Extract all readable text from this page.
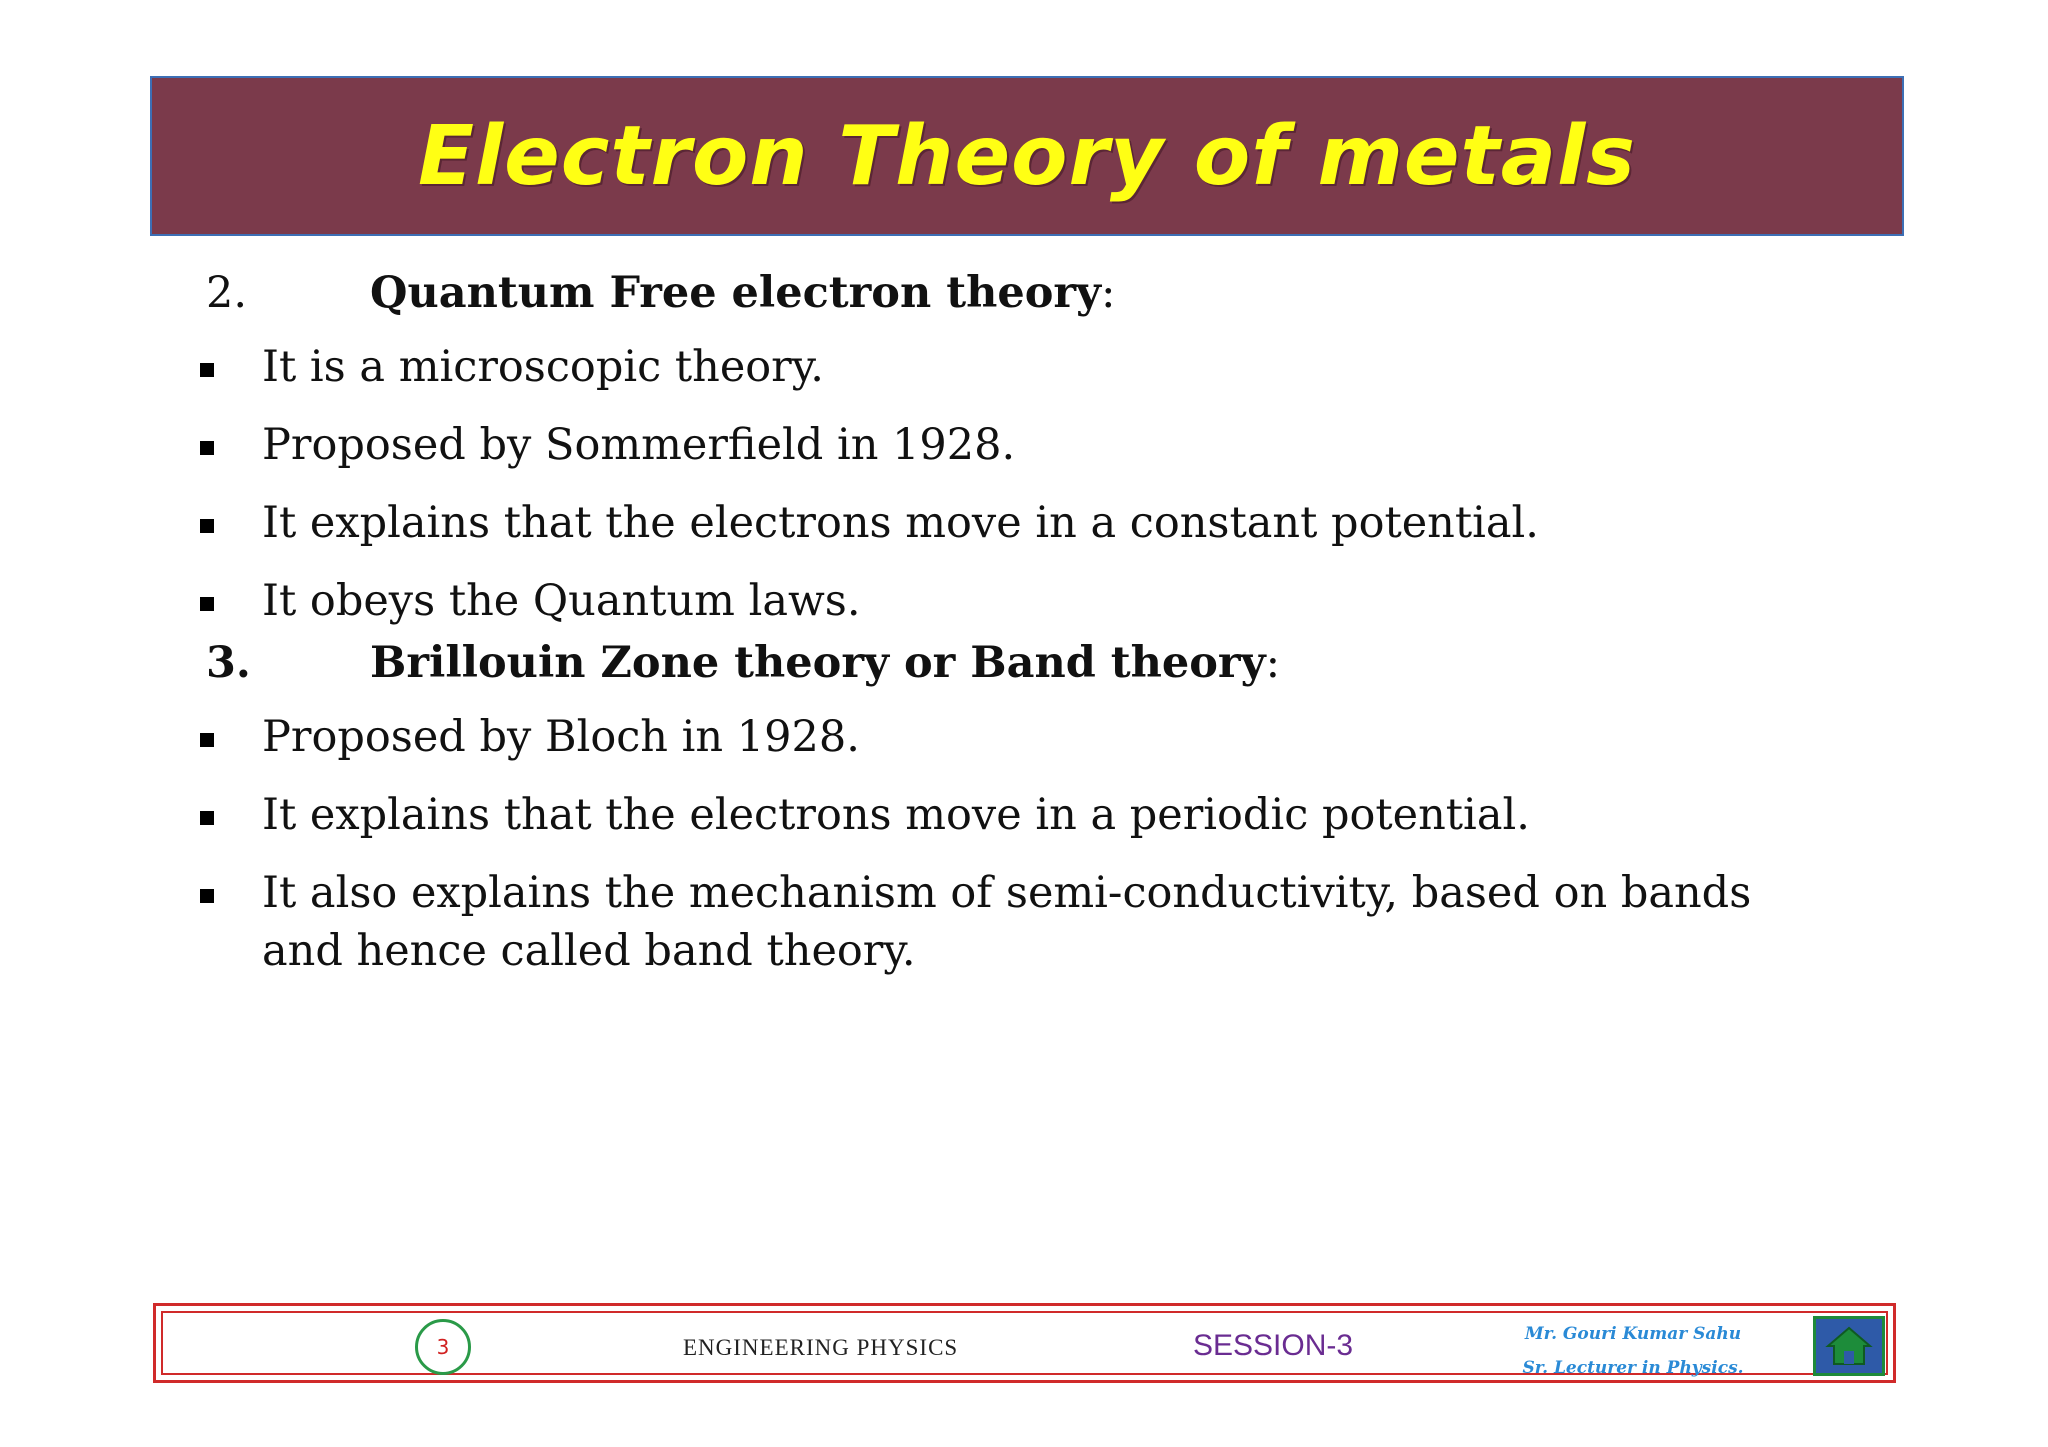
Electron Theory of metals
2.	Quantum Free electron theory:
It is a microscopic theory.
Proposed by Sommerfield in 1928.
It explains that the electrons move in a constant potential.
It obeys the Quantum laws.
3.	Brillouin Zone theory or Band theory:
Proposed by Bloch in 1928.
It explains that the electrons move in a periodic potential.
It also explains the mechanism of semi-conductivity, based on bands and hence called band theory.
3	ENGINEERING PHYSICS	SESSION-3	Mr. Gouri Kumar Sahu
Sr. Lecturer in Physics.
